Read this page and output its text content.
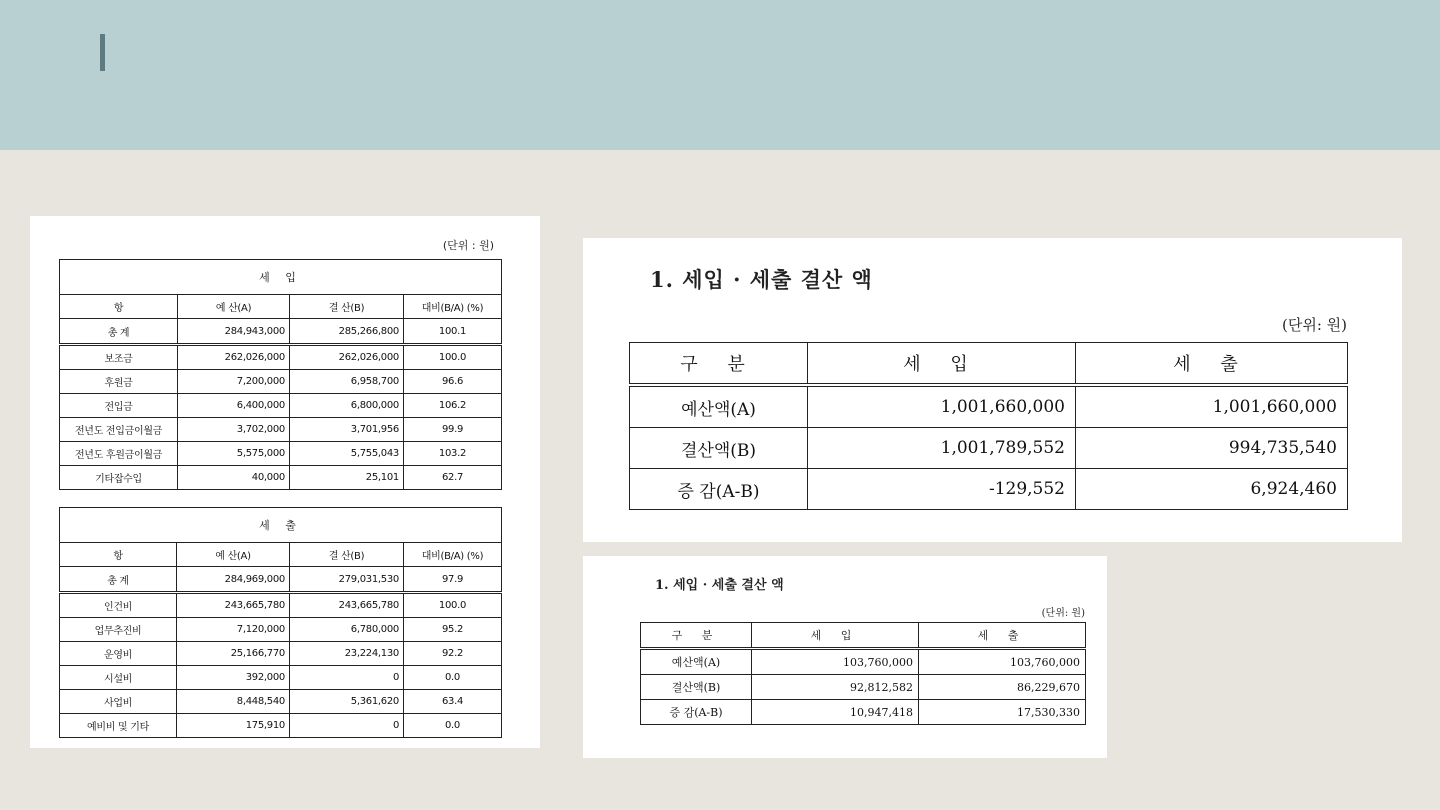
(단위 : 원)
세 입			
항	예 산(A)	결 산(B)	대비(B/A) (%)
총 계	284,943,000	285,266,800	100.1
보조금	262,026,000	262,026,000	100.0
후원금	7,200,000	6,958,700	96.6
전입금	6,400,000	6,800,000	106.2
전년도 전입금이월금	3,702,000	3,701,956	99.9
전년도 후원금이월금	5,575,000	5,755,043	103.2
기타잡수입	40,000	25,101	62.7
세 출			
항	예 산(A)	결 산(B)	대비(B/A) (%)
총 계	284,969,000	279,031,530	97.9
인건비	243,665,780	243,665,780	100.0
업무추진비	7,120,000	6,780,000	95.2
운영비	25,166,770	23,224,130	92.2
시설비	392,000	0	0.0
사업비	8,448,540	5,361,620	63.4
예비비 및 기타	175,910	0	0.0
1. 세입 · 세출 결산 액
(단위: 원)
구 분	세 입	세 출
예산액(A)	1,001,660,000	1,001,660,000
결산액(B)	1,001,789,552	994,735,540
증 감(A-B)	-129,552	6,924,460
1. 세입 · 세출 결산 액
(단위: 원)
구 분	세 입	세 출
예산액(A)	103,760,000	103,760,000
결산액(B)	92,812,582	86,229,670
증 감(A-B)	10,947,418	17,530,330
